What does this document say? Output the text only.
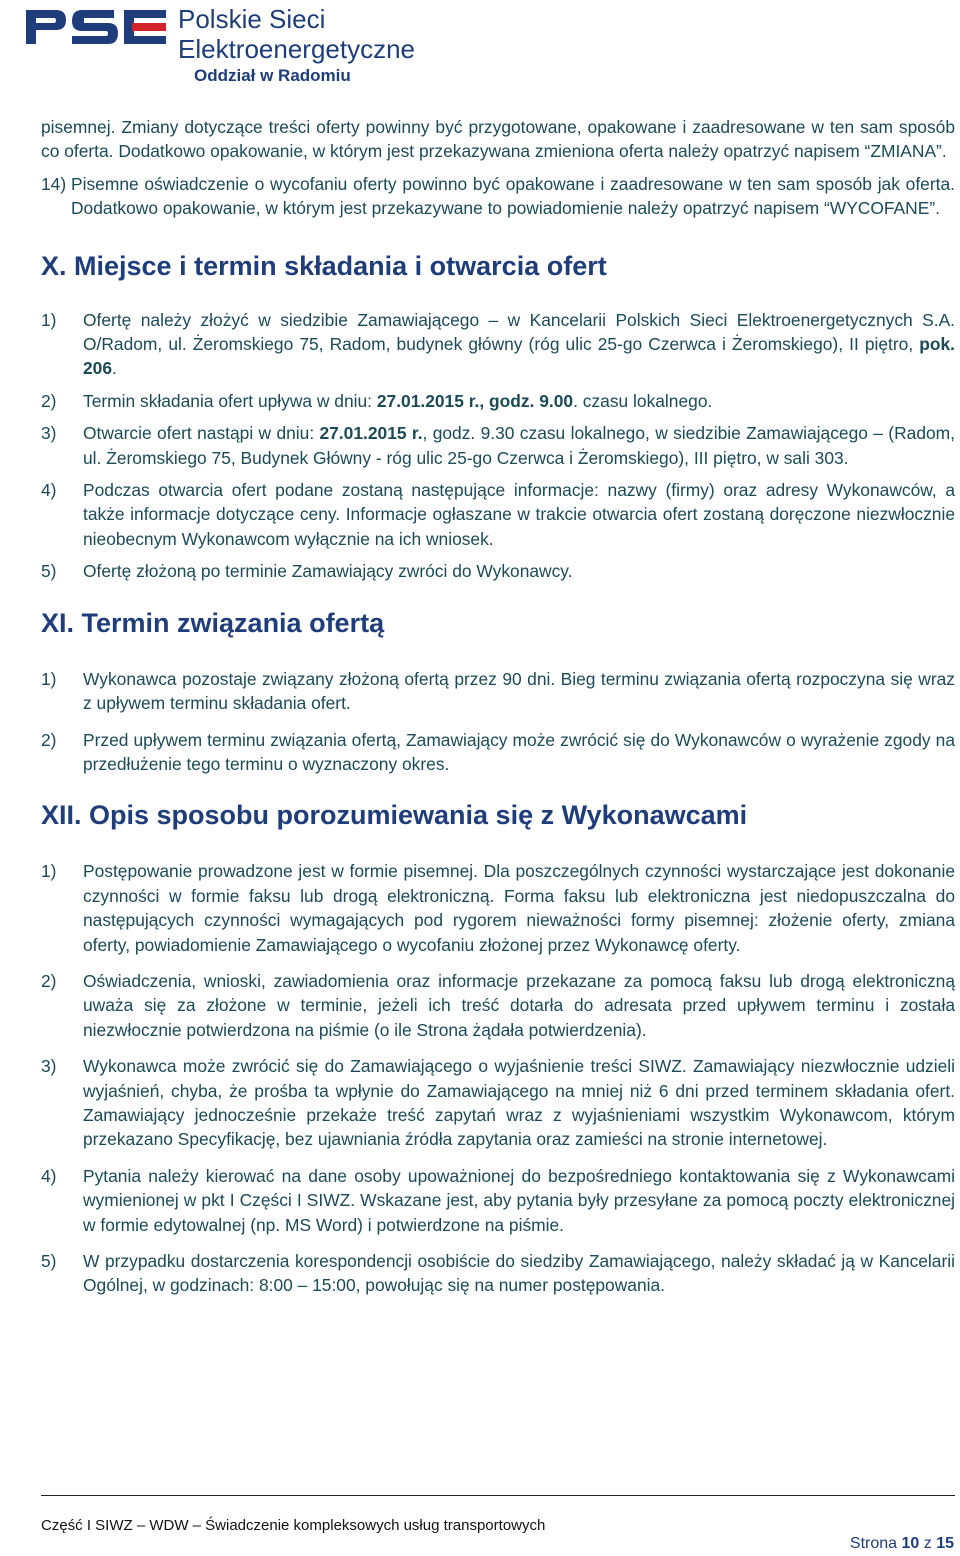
Polskie Sieci
Elektroenergetyczne
Oddział w Radomiu

pisemnej. Zmiany dotyczące treści oferty powinny być przygotowane, opakowane i zaadresowane w ten sam sposób co oferta. Dodatkowo opakowanie, w którym jest przekazywana zmieniona oferta należy opatrzyć napisem “ZMIANA”.

14) Pisemne oświadczenie o wycofaniu oferty powinno być opakowane i zaadresowane w ten sam sposób jak oferta. Dodatkowo opakowanie, w którym jest przekazywane to powiadomienie należy opatrzyć napisem “WYCOFANE”.
X. Miejsce i termin składania i otwarcia ofert
1)	Ofertę należy złożyć w siedzibie Zamawiającego – w Kancelarii Polskich Sieci Elektroenergetycznych S.A. O/Radom, ul. Żeromskiego 75, Radom, budynek główny (róg ulic 25-go Czerwca i Żeromskiego), II piętro, pok. 206.
2)	Termin składania ofert upływa w dniu: 27.01.2015 r., godz. 9.00. czasu lokalnego.
3)	Otwarcie ofert nastąpi w dniu: 27.01.2015 r., godz. 9.30 czasu lokalnego, w siedzibie Zamawiającego – (Radom, ul. Żeromskiego 75, Budynek Główny - róg ulic 25-go Czerwca i Żeromskiego), III piętro, w sali 303.
4)	Podczas otwarcia ofert podane zostaną następujące informacje: nazwy (firmy) oraz adresy Wykonawców, a także informacje dotyczące ceny. Informacje ogłaszane w trakcie otwarcia ofert zostaną doręczone niezwłocznie nieobecnym Wykonawcom wyłącznie na ich wniosek.
5)	Ofertę złożoną po terminie Zamawiający zwróci do Wykonawcy.
XI. Termin związania ofertą
1)	Wykonawca pozostaje związany złożoną ofertą przez 90 dni. Bieg terminu związania ofertą rozpoczyna się wraz z upływem terminu składania ofert.
2)	Przed upływem terminu związania ofertą, Zamawiający może zwrócić się do Wykonawców o wyrażenie zgody na przedłużenie tego terminu o wyznaczony okres.
XII. Opis sposobu porozumiewania się z Wykonawcami
1)	Postępowanie prowadzone jest w formie pisemnej. Dla poszczególnych czynności wystarczające jest dokonanie czynności w formie faksu lub drogą elektroniczną. Forma faksu lub elektroniczna jest niedopuszczalna do następujących czynności wymagających pod rygorem nieważności formy pisemnej: złożenie oferty, zmiana oferty, powiadomienie Zamawiającego o wycofaniu złożonej przez Wykonawcę oferty.
2)	Oświadczenia, wnioski, zawiadomienia oraz informacje przekazane za pomocą faksu lub drogą elektroniczną uważa się za złożone w terminie, jeżeli ich treść dotarła do adresata przed upływem terminu i została niezwłocznie potwierdzona na piśmie (o ile Strona żądała potwierdzenia).
3)	Wykonawca może zwrócić się do Zamawiającego o wyjaśnienie treści SIWZ. Zamawiający niezwłocznie udzieli wyjaśnień, chyba, że prośba ta wpłynie do Zamawiającego na mniej niż 6 dni przed terminem składania ofert. Zamawiający jednocześnie przekaże treść zapytań wraz z wyjaśnieniami wszystkim Wykonawcom, którym przekazano Specyfikację, bez ujawniania źródła zapytania oraz zamieści na stronie internetowej.
4)	Pytania należy kierować na dane osoby upoważnionej do bezpośredniego kontaktowania się z Wykonawcami wymienionej w pkt I Części I SIWZ. Wskazane jest, aby pytania były przesyłane za pomocą poczty elektronicznej w formie edytowalnej (np. MS Word) i potwierdzone na piśmie.
5)	W przypadku dostarczenia korespondencji osobiście do siedziby Zamawiającego, należy składać ją w Kancelarii Ogólnej, w godzinach: 8:00 – 15:00, powołując się na numer postępowania.
Część I SIWZ – WDW – Świadczenie kompleksowych usług transportowych
Strona 10 z 15
